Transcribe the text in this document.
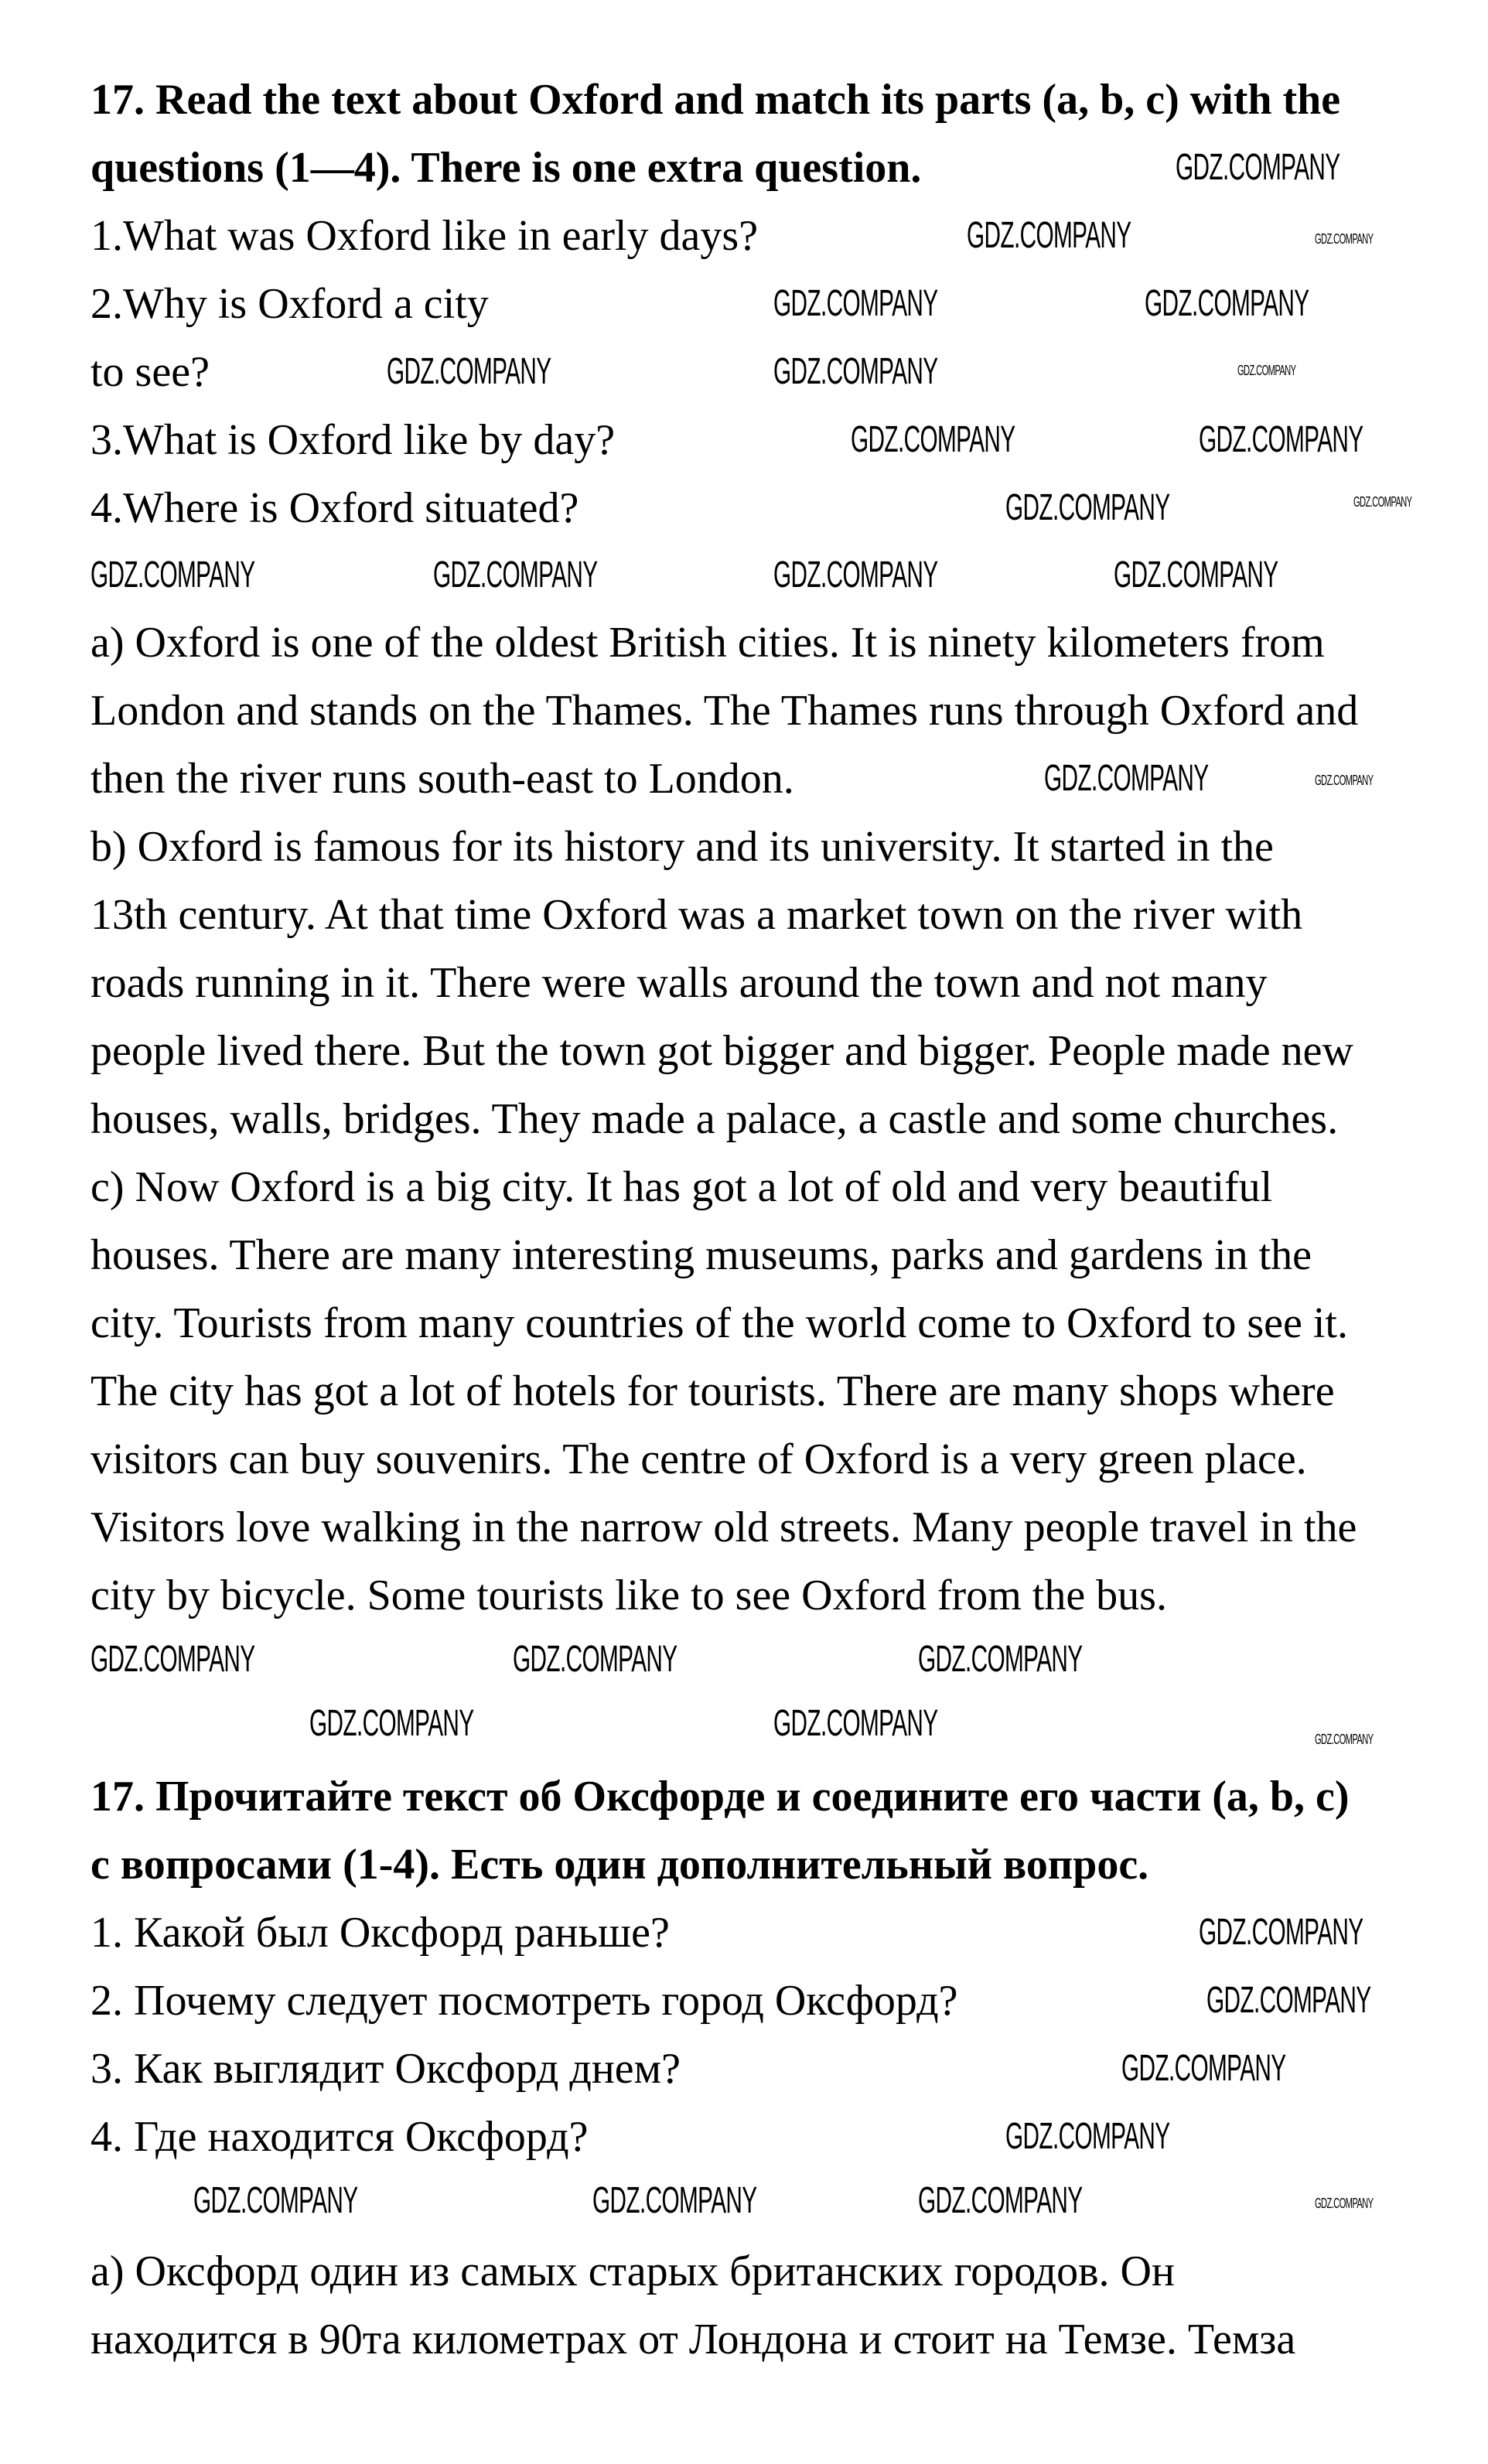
17. Read the text about Oxford and match its parts (a, b, c) with the
questions (1—4). There is one extra question.
1.What was Oxford like in early days?
2.Why is Oxford a city
to see?
3.What is Oxford like by day?
4.Where is Oxford situated?
a) Oxford is one of the oldest British cities. It is ninety kilometers from
London and stands on the Thames. The Thames runs through Oxford and
then the river runs south-east to London.
b) Oxford is famous for its history and its university. It started in the
13th century. At that time Oxford was a market town on the river with
roads running in it. There were walls around the town and not many
people lived there. But the town got bigger and bigger. People made new
houses, walls, bridges. They made a palace, a castle and some churches.
c) Now Oxford is a big city. It has got a lot of old and very beautiful
houses. There are many interesting museums, parks and gardens in the
city. Tourists from many countries of the world come to Oxford to see it.
The city has got a lot of hotels for tourists. There are many shops where
visitors can buy souvenirs. The centre of Oxford is a very green place.
Visitors love walking in the narrow old streets. Many people travel in the
city by bicycle. Some tourists like to see Oxford from the bus.
17. Прочитайте текст об Оксфорде и соедините его части (a, b, c)
с вопросами (1-4). Есть один дополнительный вопрос.
1. Какой был Оксфорд раньше?
2. Почему следует посмотреть город Оксфорд?
3. Как выглядит Оксфорд днем?
4. Где находится Оксфорд?
а) Оксфорд один из самых старых британских городов. Он
находится в 90та километрах от Лондона и стоит на Темзе. Темза
GDZ.COMPANY
GDZ.COMPANY
GDZ.COMPANY	GDZ.COMPANY
GDZ.COMPANY	GDZ.COMPANY
GDZ.COMPANY	GDZ.COMPANY
GDZ.COMPANY
GDZ.COMPANY	GDZ.COMPANY	GDZ.COMPANY	GDZ.COMPANY
GDZ.COMPANY
GDZ.COMPANY	GDZ.COMPANY	GDZ.COMPANY
GDZ.COMPANY	GDZ.COMPANY
GDZ.COMPANY
GDZ.COMPANY
GDZ.COMPANY
GDZ.COMPANY
GDZ.COMPANY	GDZ.COMPANY	GDZ.COMPANY
GDZ.COMPANY
GDZ.COMPANY
GDZ.COMPANY
GDZ.COMPANY
GDZ.COMPANY
GDZ.COMPANY
